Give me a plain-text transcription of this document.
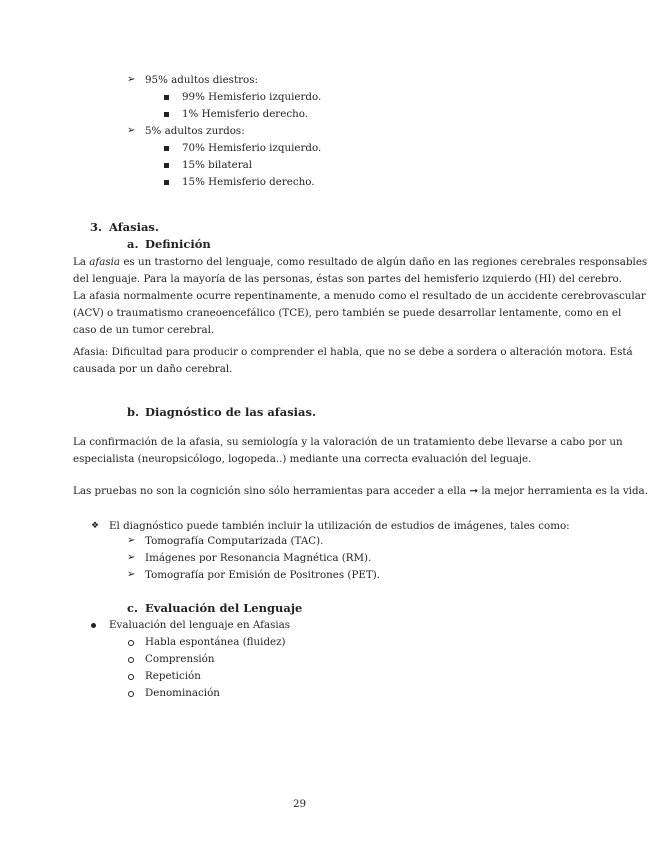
➢ 95% adultos diestros:
99% Hemisferio izquierdo.
1% Hemisferio derecho.
➢ 5% adultos zurdos:
70% Hemisferio izquierdo.
15% bilateral
15% Hemisferio derecho.
3. Afasias.
a. Definición
La afasia es un trastorno del lenguaje, como resultado de algún daño en las regiones cerebrales responsables
del lenguaje. Para la mayoría de las personas, éstas son partes del hemisferio izquierdo (HI) del cerebro.
La afasia normalmente ocurre repentinamente, a menudo como el resultado de un accidente cerebrovascular
(ACV) o traumatismo craneoencefálico (TCE), pero también se puede desarrollar lentamente, como en el
caso de un tumor cerebral.
Afasia: Dificultad para producir o comprender el habla, que no se debe a sordera o alteración motora. Está
causada por un daño cerebral.
b. Diagnóstico de las afasias.
La confirmación de la afasia, su semiología y la valoración de un tratamiento debe llevarse a cabo por un
especialista (neuropsicólogo, logopeda..) mediante una correcta evaluación del leguaje.
Las pruebas no son la cognición sino sólo herramientas para acceder a ella ➞ la mejor herramienta es la vida.
❖ El diagnóstico puede también incluir la utilización de estudios de imágenes, tales como:
➢ Tomografía Computarizada (TAC).
➢ Imágenes por Resonancia Magnética (RM).
➢ Tomografía por Emisión de Positrones (PET).
c. Evaluación del Lenguaje
Evaluación del lenguaje en Afasias
Habla espontánea (fluidez)
Comprensión
Repetición
Denominación
29
